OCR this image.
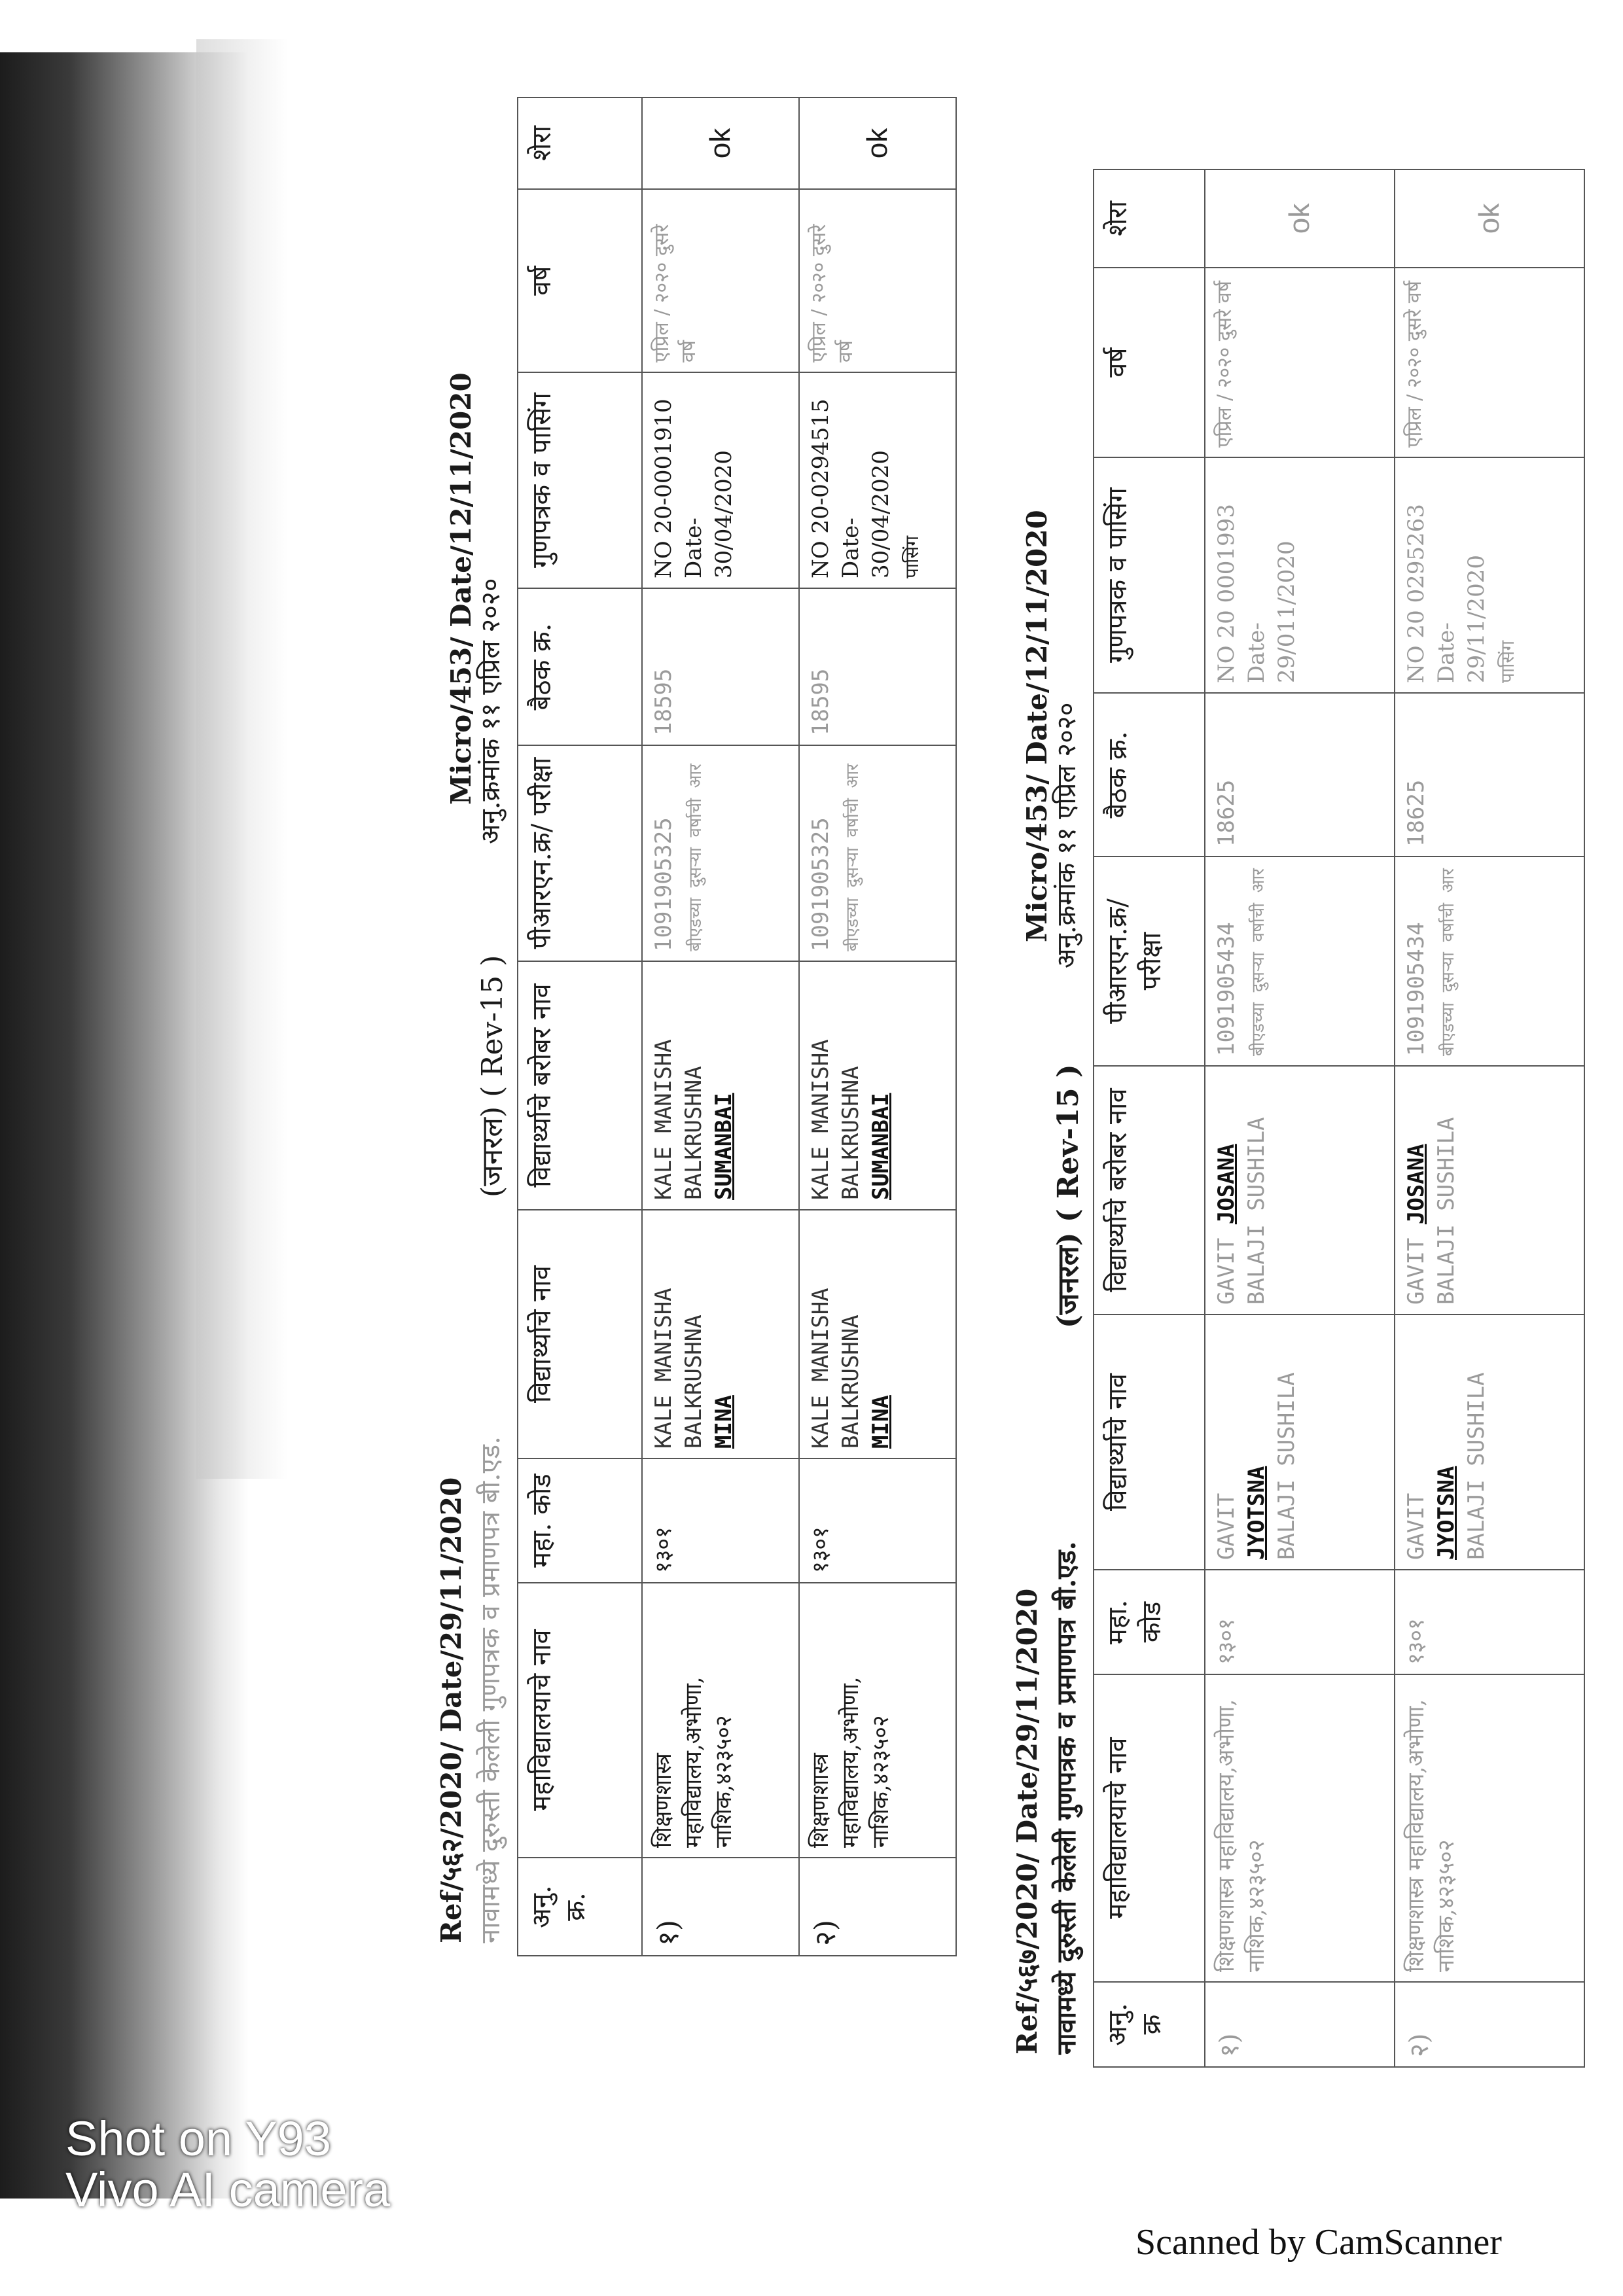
Ref/५६२/2020/ Date/29/11/2020
Micro/453/ Date/12/11/2020
नावामध्ये दुरुस्ती केलेली गुणपत्रक व प्रमाणपत्र बी.एड.
(जनरल) ( Rev-15 )
अनु.क्रमांक ११ एप्रिल २०२०
अनु. क्र.	महाविद्यालयाचे नाव	महा. कोड	विद्यार्थ्याचे नाव	विद्यार्थ्याचे बरोबर नाव	पीआरएन.क्र/ परीक्षा	बैठक क्र.	गुणपत्रक व पासिंग	वर्ष	शेरा
१)	शिक्षणशास्त्र महाविद्यालय,अभोणा, नाशिक,४२३५०२	१३०१	KALE MANISHA BALKRUSHNA MINA	KALE MANISHA BALKRUSHNA SUMANBAI	1091905325 बीएडच्या दुसऱ्या वर्षाची आर	18595	NO 20-0001910 Date- 30/04/2020	एप्रिल / २०२० दुसरे वर्ष	ok
२)	शिक्षणशास्त्र महाविद्यालय,अभोणा, नाशिक,४२३५०२	१३०१	KALE MANISHA BALKRUSHNA MINA	KALE MANISHA BALKRUSHNA SUMANBAI	1091905325 बीएडच्या दुसऱ्या वर्षाची आर	18595	NO 20-0294515 Date- 30/04/2020 पासिंग	एप्रिल / २०२० दुसरे वर्ष	ok
Ref/५६७/2020/ Date/29/11/2020
Micro/453/ Date/12/11/2020
नावामध्ये दुरुस्ती केलेली गुणपत्रक व प्रमाणपत्र बी.एड.
(जनरल) ( Rev-15 )
अनु.क्रमांक ११ एप्रिल २०२०
अनु. क्र	महाविद्यालयाचे नाव	महा. कोड	विद्यार्थ्याचे नाव	विद्यार्थ्याचे बरोबर नाव	पीआरएन.क्र/ परीक्षा	बैठक क्र.	गुणपत्रक व पासिंग	वर्ष	शेरा
१)	शिक्षणशास्त्र महाविद्यालय,अभोणा, नाशिक,४२३५०२	१३०१	GAVIT JYOTSNA BALAJI SUSHILA	GAVIT JOSANA BALAJI SUSHILA	1091905434 बीएडच्या दुसऱ्या वर्षाची आर	18625	NO 20 0001993 Date- 29/011/2020	एप्रिल / २०२० दुसरे वर्ष	ok
२)	शिक्षणशास्त्र महाविद्यालय,अभोणा, नाशिक,४२३५०२	१३०१	GAVIT JYOTSNA BALAJI SUSHILA	GAVIT JOSANA BALAJI SUSHILA	1091905434 बीएडच्या दुसऱ्या वर्षाची आर	18625	NO 20 0295263 Date- 29/11/2020 पासिंग	एप्रिल / २०२० दुसरे वर्ष	ok
Shot on Y93
Vivo AI camera
Scanned by CamScanner
